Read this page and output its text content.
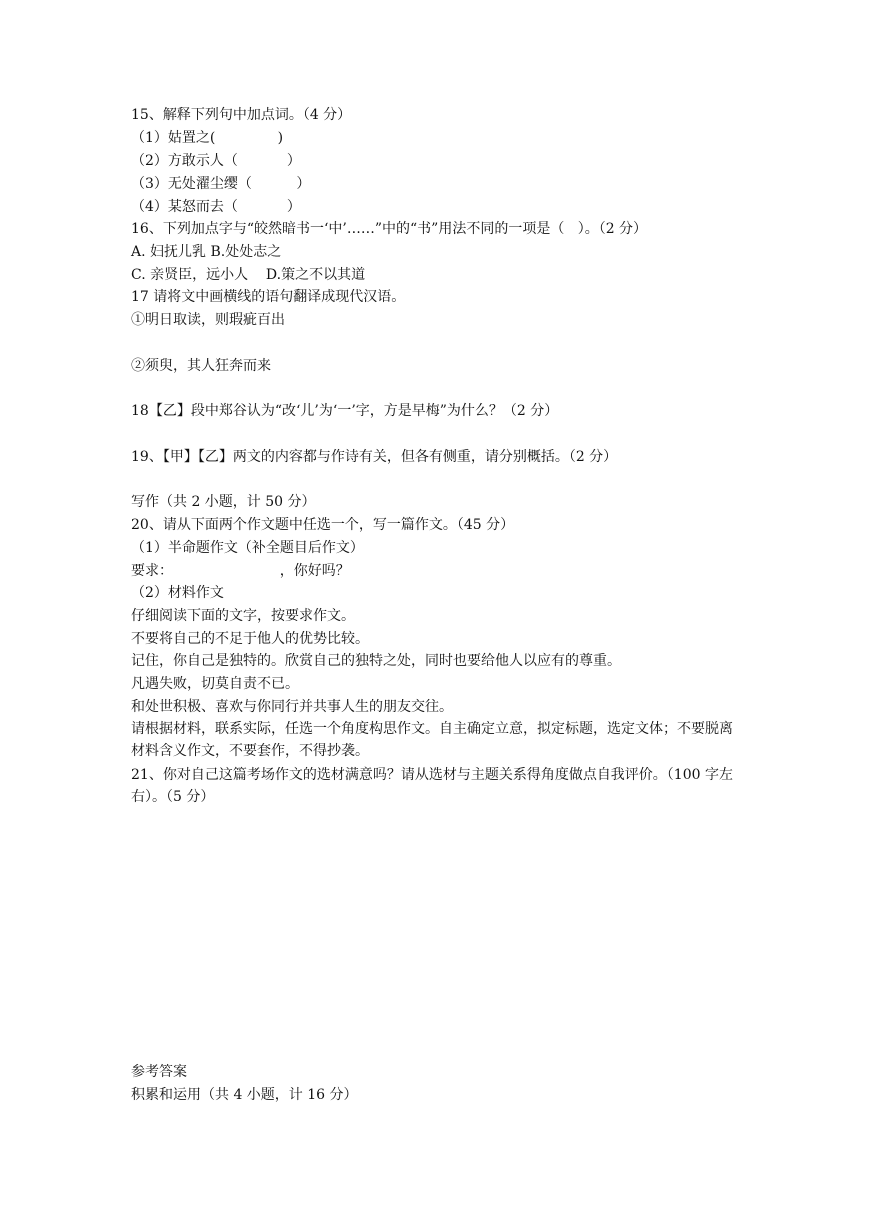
15、解释下列句中加点词。（4 分）
（1）姑置之(              )
（2）方敢示人（           ）
（3）无处濯尘缨（          ）
（4）某怒而去（           ）
16、下列加点字与“皎然暗书一‘中’……”中的“书”用法不同的一项是（   ）。（2 分）
A. 妇抚儿乳 B.处处志之
C. 亲贤臣，远小人    D.策之不以其道
17 请将文中画横线的语句翻译成现代汉语。
①明日取读，则瑕疵百出
②须臾，其人狂奔而来
18【乙】段中郑谷认为“改‘儿’为‘一’字，方是早梅”为什么？（2 分）
19、【甲】【乙】两文的内容都与作诗有关，但各有侧重，请分别概括。（2 分）
写作（共 2 小题，计 50 分）
20、请从下面两个作文题中任选一个，写一篇作文。（45 分）
（1）半命题作文（补全题目后作文）
要求：                        ，你好吗？
（2）材料作文
仔细阅读下面的文字，按要求作文。
不要将自己的不足于他人的优势比较。
记住，你自己是独特的。欣赏自己的独特之处，同时也要给他人以应有的尊重。
凡遇失败，切莫自责不已。
和处世积极、喜欢与你同行并共事人生的朋友交往。
请根据材料，联系实际，任选一个角度构思作文。自主确定立意，拟定标题，选定文体；不要脱离材料含义作文，不要套作，不得抄袭。
21、你对自己这篇考场作文的选材满意吗？请从选材与主题关系得角度做点自我评价。（100 字左右）。（5 分）
参考答案
积累和运用（共 4 小题，计 16 分）
